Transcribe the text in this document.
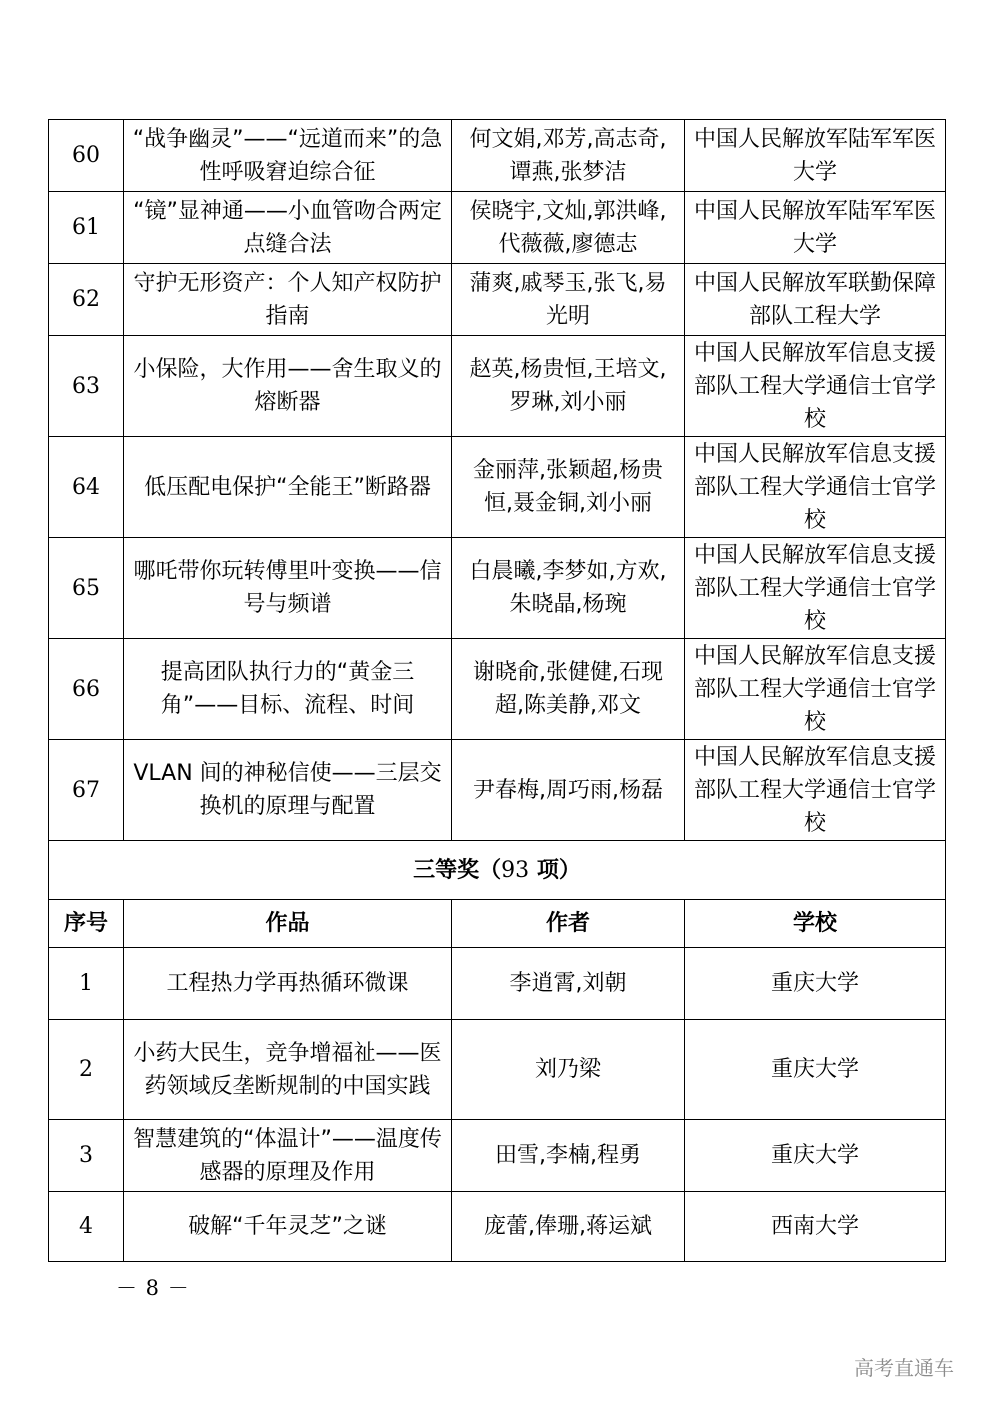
60	“战争幽灵”——“远道而来”的急性呼吸窘迫综合征	何文娟,邓芳,高志奇,谭燕,张梦洁	中国人民解放军陆军军医大学
61	“镜”显神通——小血管吻合两定点缝合法	侯晓宇,文灿,郭洪峰,代薇薇,廖德志	中国人民解放军陆军军医大学
62	守护无形资产：个人知产权防护指南	蒲爽,戚琴玉,张飞,易光明	中国人民解放军联勤保障部队工程大学
63	小保险，大作用——舍生取义的熔断器	赵英,杨贵恒,王培文,罗琳,刘小丽	中国人民解放军信息支援部队工程大学通信士官学校
64	低压配电保护“全能王”断路器	金丽萍,张颖超,杨贵恒,聂金铜,刘小丽	中国人民解放军信息支援部队工程大学通信士官学校
65	哪吒带你玩转傅里叶变换——信号与频谱	白晨曦,李梦如,方欢,朱晓晶,杨琬	中国人民解放军信息支援部队工程大学通信士官学校
66	提高团队执行力的“黄金三角”——目标、流程、时间	谢晓俞,张健健,石现超,陈美静,邓文	中国人民解放军信息支援部队工程大学通信士官学校
67	VLAN 间的神秘信使——三层交换机的原理与配置	尹春梅,周巧雨,杨磊	中国人民解放军信息支援部队工程大学通信士官学校
三等奖（93 项）			
序号	作品	作者	学校
1	工程热力学再热循环微课	李逍霄,刘朝	重庆大学
2	小药大民生，竞争增福祉——医药领域反垄断规制的中国实践	刘乃梁	重庆大学
3	智慧建筑的“体温计”——温度传感器的原理及作用	田雪,李楠,程勇	重庆大学
4	破解“千年灵芝”之谜	庞蕾,俸珊,蒋运斌	西南大学
－ 8 －
高考直通车
